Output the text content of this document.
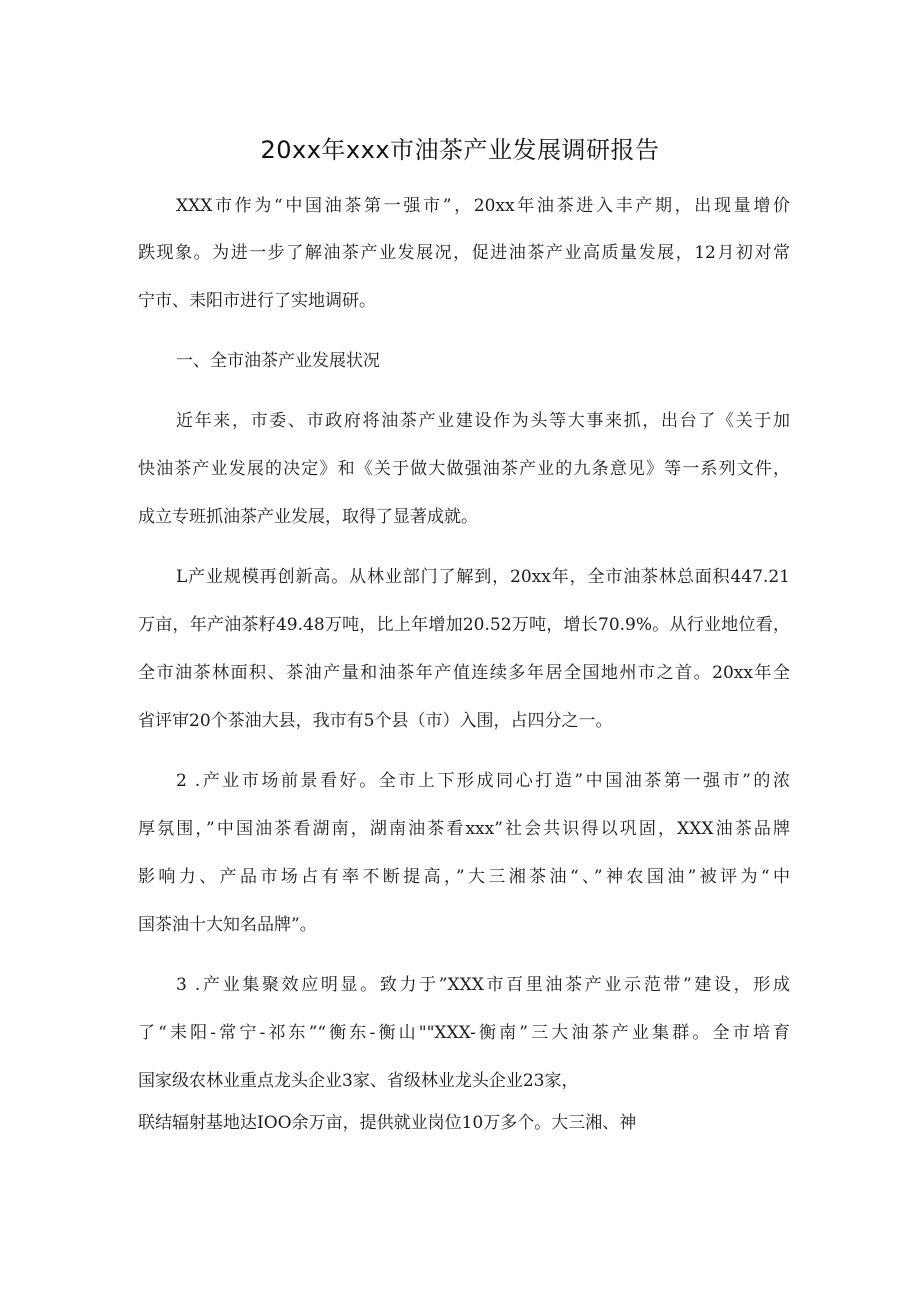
20xx年xxx市油茶产业发展调研报告
XXX市作为“中国油茶第一强市”，20xx年油茶进入丰产期，出现量增价
跌现象。为进一步了解油茶产业发展况，促进油茶产业高质量发展，12月初对常
宁市、耒阳市进行了实地调研。
一、全市油茶产业发展状况
近年来，市委、市政府将油茶产业建设作为头等大事来抓，出台了《关于加
快油茶产业发展的决定》和《关于做大做强油茶产业的九条意见》等一系列文件，
成立专班抓油茶产业发展，取得了显著成就。
L产业规模再创新高。从林业部门了解到，20xx年，全市油茶林总面积447.21
万亩，年产油茶籽49.48万吨，比上年增加20.52万吨，增长70.9%。从行业地位看，
全市油茶林面积、茶油产量和油茶年产值连续多年居全国地州市之首。20xx年全
省评审20个茶油大县，我市有5个县（市）入围，占四分之一。
2 .产业市场前景看好。全市上下形成同心打造”中国油茶第一强市”的浓
厚氛围，”中国油茶看湖南，湖南油茶看xxx”社会共识得以巩固，XXX油茶品牌
影响力、产品市场占有率不断提高，”大三湘茶油“、”神农国油”被评为“中
国茶油十大知名品牌”。
3 .产业集聚效应明显。致力于”XXX市百里油茶产业示范带”建设，形成
了“耒阳-常宁-祁东”“衡东-衡山""XXX-衡南”三大油茶产业集群。全市培育
国家级农林业重点龙头企业3家、省级林业龙头企业23家，
联结辐射基地达IOO余万亩，提供就业岗位10万多个。大三湘、神
